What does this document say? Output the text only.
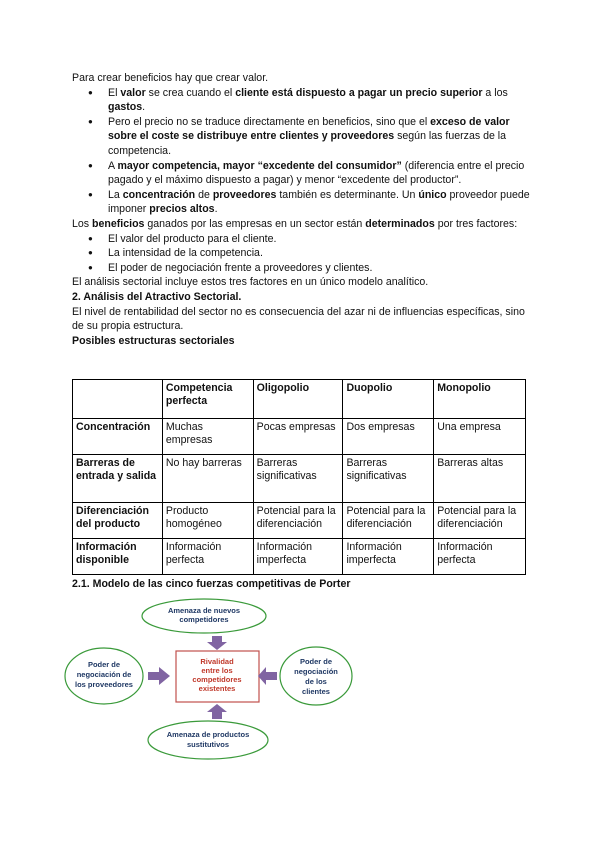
Para crear beneficios hay que crear valor.

● El valor se crea cuando el cliente está dispuesto a pagar un precio superior a los gastos.
● Pero el precio no se traduce directamente en beneficios, sino que el exceso de valor sobre el coste se distribuye entre clientes y proveedores según las fuerzas de la competencia.
● A mayor competencia, mayor “excedente del consumidor” (diferencia entre el precio pagado y el máximo dispuesto a pagar) y menor “excedente del productor”.
● La concentración de proveedores también es determinante. Un único proveedor puede imponer precios altos.

Los beneficios ganados por las empresas en un sector están determinados por tres factores:

● El valor del producto para el cliente.
● La intensidad de la competencia.
● El poder de negociación frente a proveedores y clientes.

El análisis sectorial incluye estos tres factores en un único modelo analítico.

2. Análisis del Atractivo Sectorial.

El nivel de rentabilidad del sector no es consecuencia del azar ni de influencias específicas, sino de su propia estructura.

Posibles estructuras sectoriales
	Competencia perfecta	Oligopolio	Duopolio	Monopolio
Concentración	Muchas empresas	Pocas empresas	Dos empresas	Una empresa
Barreras de entrada y salida	No hay barreras	Barreras significativas	Barreras significativas	Barreras altas
Diferenciación del producto	Producto homogéneo	Potencial para la diferenciación	Potencial para la diferenciación	Potencial para la diferenciación
Información disponible	Información perfecta	Información imperfecta	Información imperfecta	Información perfecta
2.1. Modelo de las cinco fuerzas competitivas de Porter
Amenaza de nuevos competidores
Poder de negociación de los proveedores
Poder de negociación de los clientes
Amenaza de productos sustitutivos
Rivalidad entre los competidores existentes
